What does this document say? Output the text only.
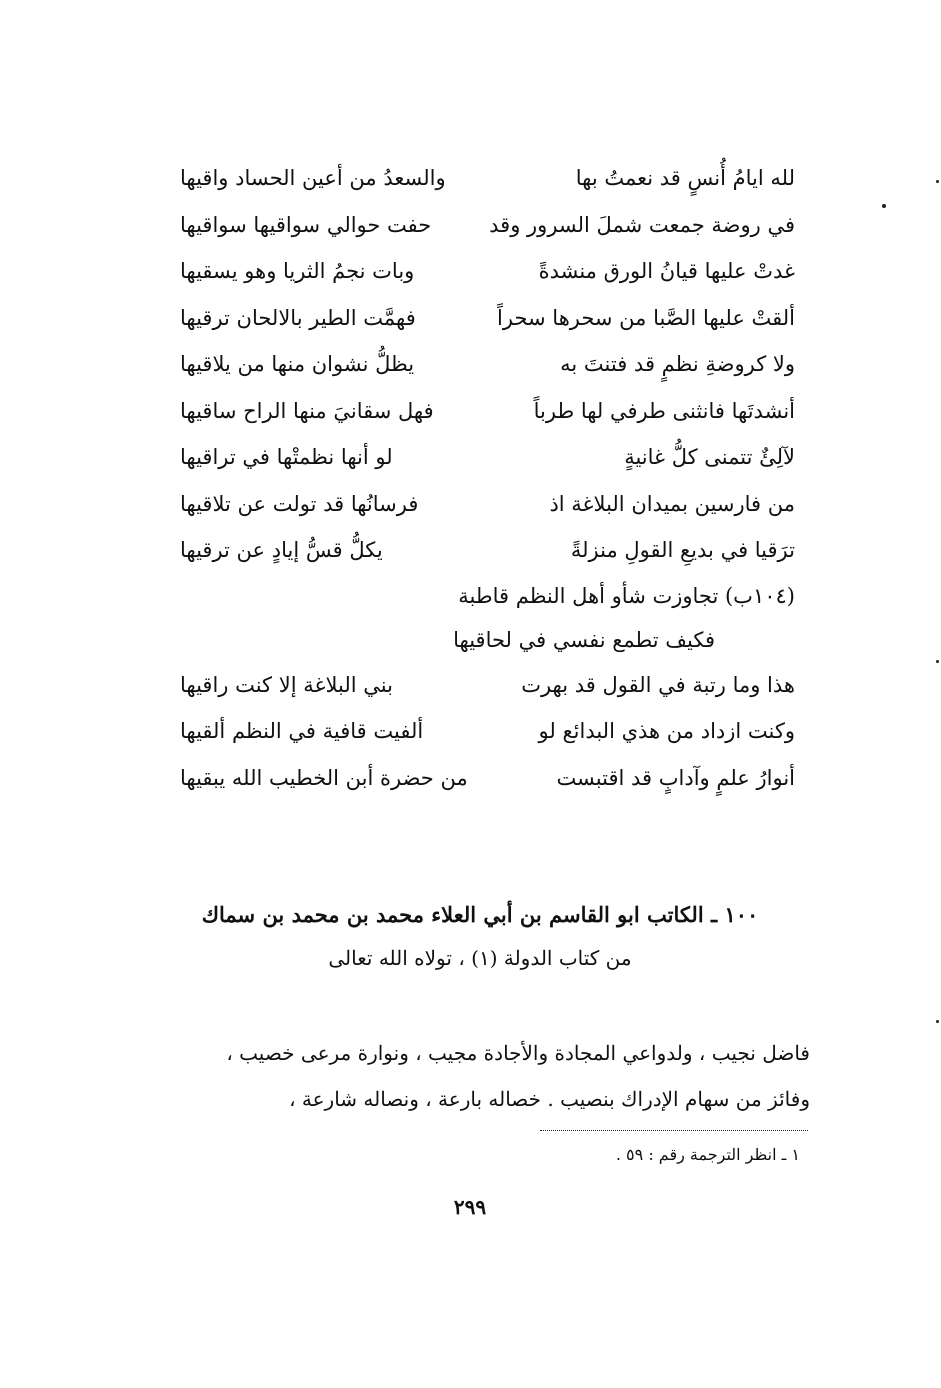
لله ايامُ أُنسٍ قد نعمتُ بها
والسعدُ من أعين الحساد واقيها
في روضة جمعت شملَ السرور وقد
حفت حوالي سواقيها سواقيها
غدتْ عليها قيانُ الورق منشدةً
وبات نجمُ الثريا وهو يسقيها
ألقتْ عليها الصَّبا من سحرها سحراً
فهمَّت الطير بالالحان ترقيها
ولا كروضةِ نظمٍ قد فتنتَ به
يظلُّ نشوان منها من يلاقيها
أنشدتَها فانثنى طرفي لها طرباً
فهل سقانيَ منها الراح ساقيها
لآلِئٌ تتمنى كلُّ غانيةٍ
لو أنها نظمتْها في تراقيها
من فارسين بميدان البلاغة اذ
فرسانُها قد تولت عن تلاقيها
ترَقيا في بديعِ القولِ منزلةً
يكلُّ قسُّ إيادٍ عن ترقيها
(١٠٤ب) تجاوزت شأو أهل النظم قاطبة
فكيف تطمع نفسي في لحاقيها
هذا وما رتبة في القول قد بهرت
بني البلاغة إلا كنت راقيها
وكنت ازداد من هذي البدائع لو
ألفيت قافية في النظم ألقيها
أنوارُ علمٍ وآدابٍ قد اقتبست
من حضرة أبن الخطيب الله يبقيها
١٠٠ ـ الكاتب ابو القاسم بن أبي العلاء محمد بن محمد بن سماك
من كتاب الدولة (١) ، تولاه الله تعالى

فاضل نجيب ، ولدواعي المجادة والأجادة مجيب ، ونوارة مرعى خصيب ،

وفائز من سهام الإدراك بنصيب . خصاله بارعة ، ونصاله شارعة ،

١ ـ انظر الترجمة رقم : ٥٩ .
٢٩٩
